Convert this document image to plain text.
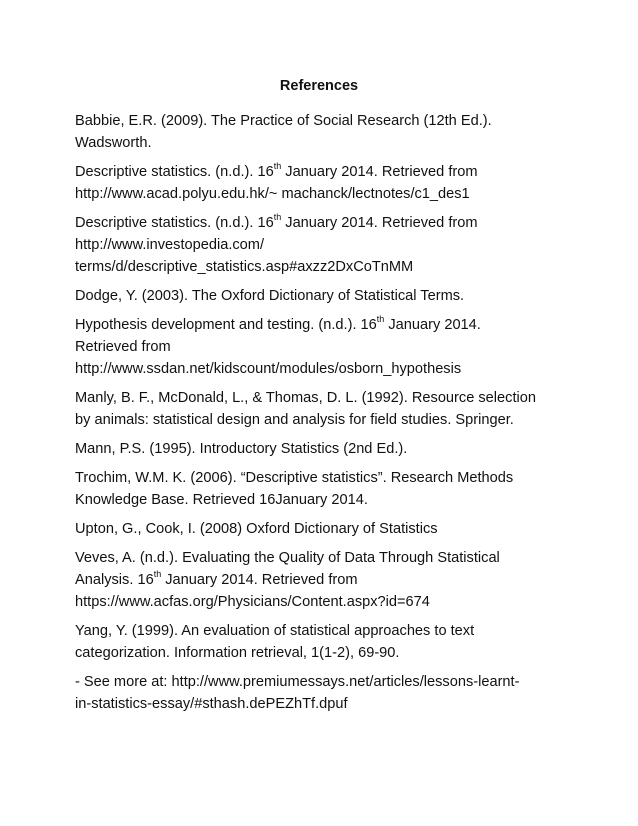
References
Babbie, E.R. (2009). The Practice of Social Research (12th Ed.).
Wadsworth.
Descriptive statistics. (n.d.). 16th January 2014. Retrieved from
http://www.acad.polyu.edu.hk/~ machanck/lectnotes/c1_des1
Descriptive statistics. (n.d.). 16th January 2014. Retrieved from
http://www.investopedia.com/
terms/d/descriptive_statistics.asp#axzz2DxCoTnMM
Dodge, Y. (2003). The Oxford Dictionary of Statistical Terms.
Hypothesis development and testing. (n.d.). 16th January 2014.
Retrieved from
http://www.ssdan.net/kidscount/modules/osborn_hypothesis
Manly, B. F., McDonald, L., & Thomas, D. L. (1992). Resource selection
by animals: statistical design and analysis for field studies. Springer.
Mann, P.S. (1995). Introductory Statistics (2nd Ed.).
Trochim, W.M. K. (2006). “Descriptive statistics”. Research Methods
Knowledge Base. Retrieved 16January 2014.
Upton, G., Cook, I. (2008) Oxford Dictionary of Statistics
Veves, A. (n.d.). Evaluating the Quality of Data Through Statistical
Analysis. 16th January 2014. Retrieved from
https://www.acfas.org/Physicians/Content.aspx?id=674
Yang, Y. (1999). An evaluation of statistical approaches to text
categorization. Information retrieval, 1(1-2), 69-90.
- See more at: http://www.premiumessays.net/articles/lessons-learnt-
in-statistics-essay/#sthash.dePEZhTf.dpuf
